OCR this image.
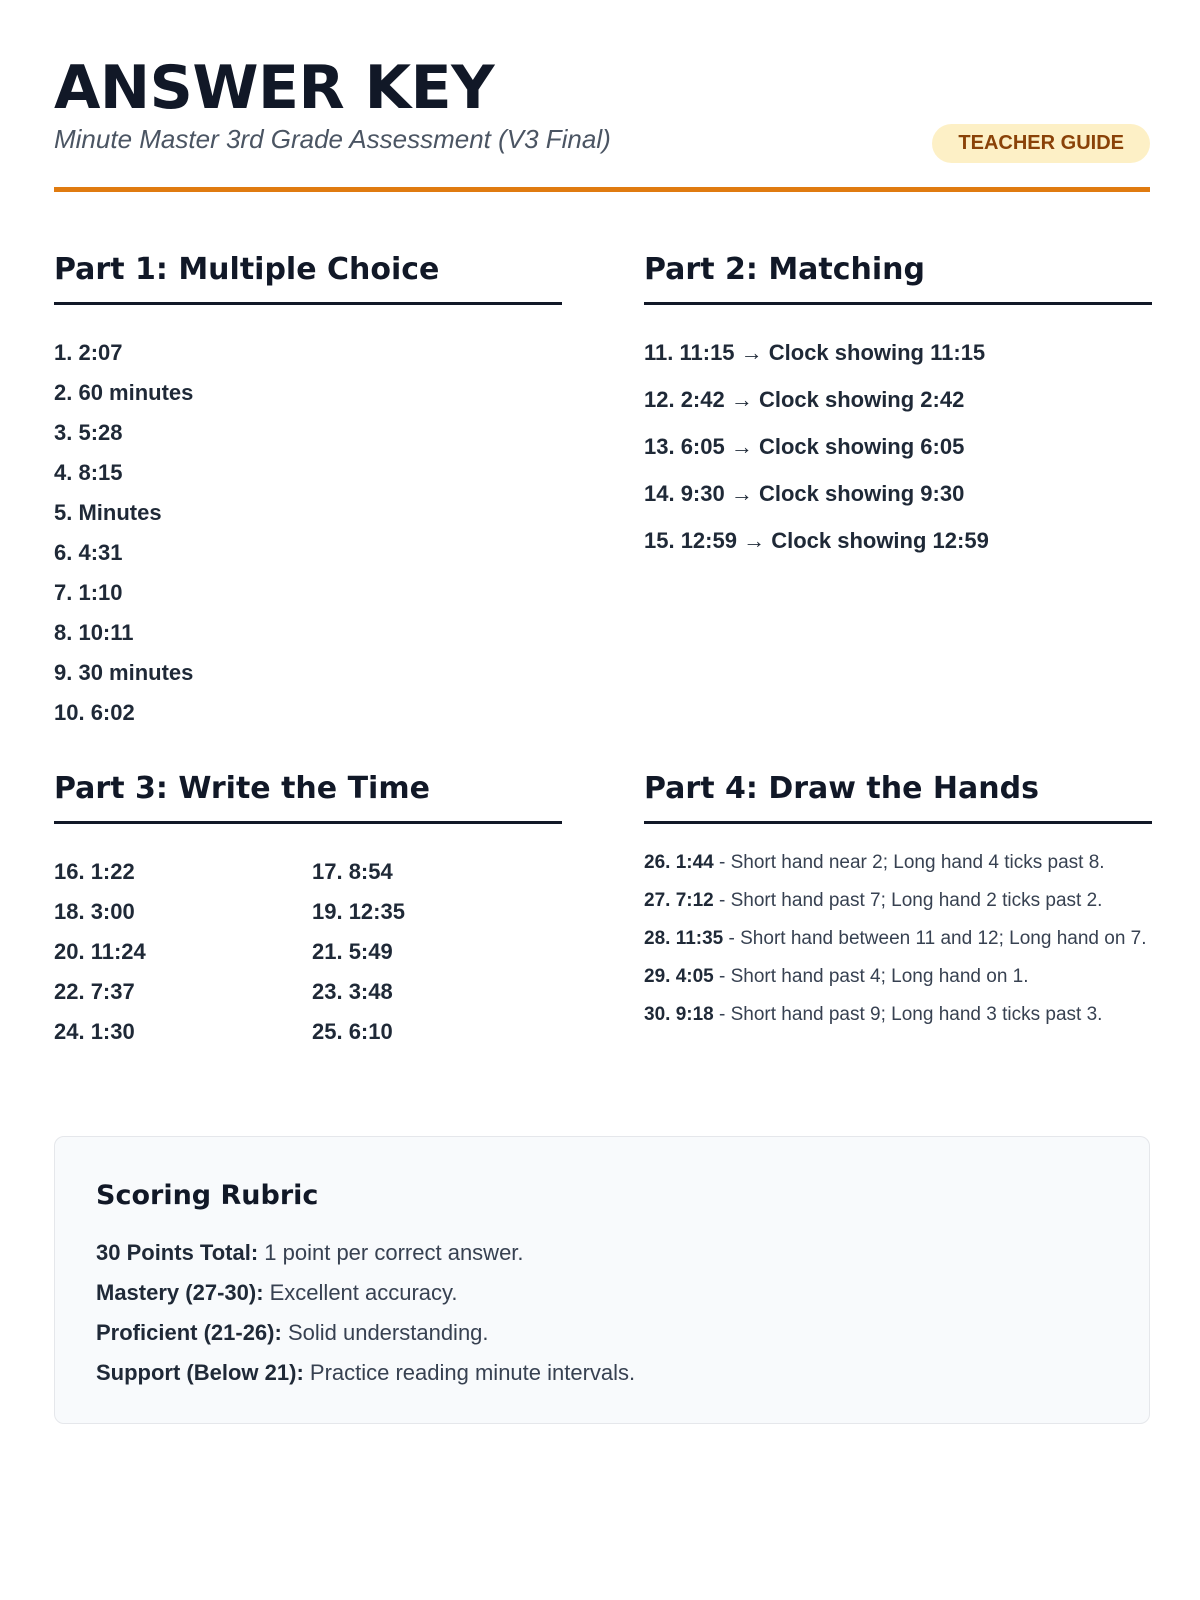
ANSWER KEY
Minute Master 3rd Grade Assessment (V3 Final)	TEACHER GUIDE
Part 1: Multiple Choice
1. 2:07
2. 60 minutes
3. 5:28
4. 8:15
5. Minutes
6. 4:31
7. 1:10
8. 10:11
9. 30 minutes
10. 6:02
Part 2: Matching
11. 11:15 → Clock showing 11:15
12. 2:42 → Clock showing 2:42
13. 6:05 → Clock showing 6:05
14. 9:30 → Clock showing 9:30
15. 12:59 → Clock showing 12:59
Part 3: Write the Time
16. 1:22	17. 8:54
18. 3:00	19. 12:35
20. 11:24	21. 5:49
22. 7:37	23. 3:48
24. 1:30	25. 6:10
Part 4: Draw the Hands
26. 1:44 - Short hand near 2; Long hand 4 ticks past 8.
27. 7:12 - Short hand past 7; Long hand 2 ticks past 2.
28. 11:35 - Short hand between 11 and 12; Long hand on 7.
29. 4:05 - Short hand past 4; Long hand on 1.
30. 9:18 - Short hand past 9; Long hand 3 ticks past 3.
Scoring Rubric

30 Points Total: 1 point per correct answer.

Mastery (27-30): Excellent accuracy.

Proficient (21-26): Solid understanding.

Support (Below 21): Practice reading minute intervals.
